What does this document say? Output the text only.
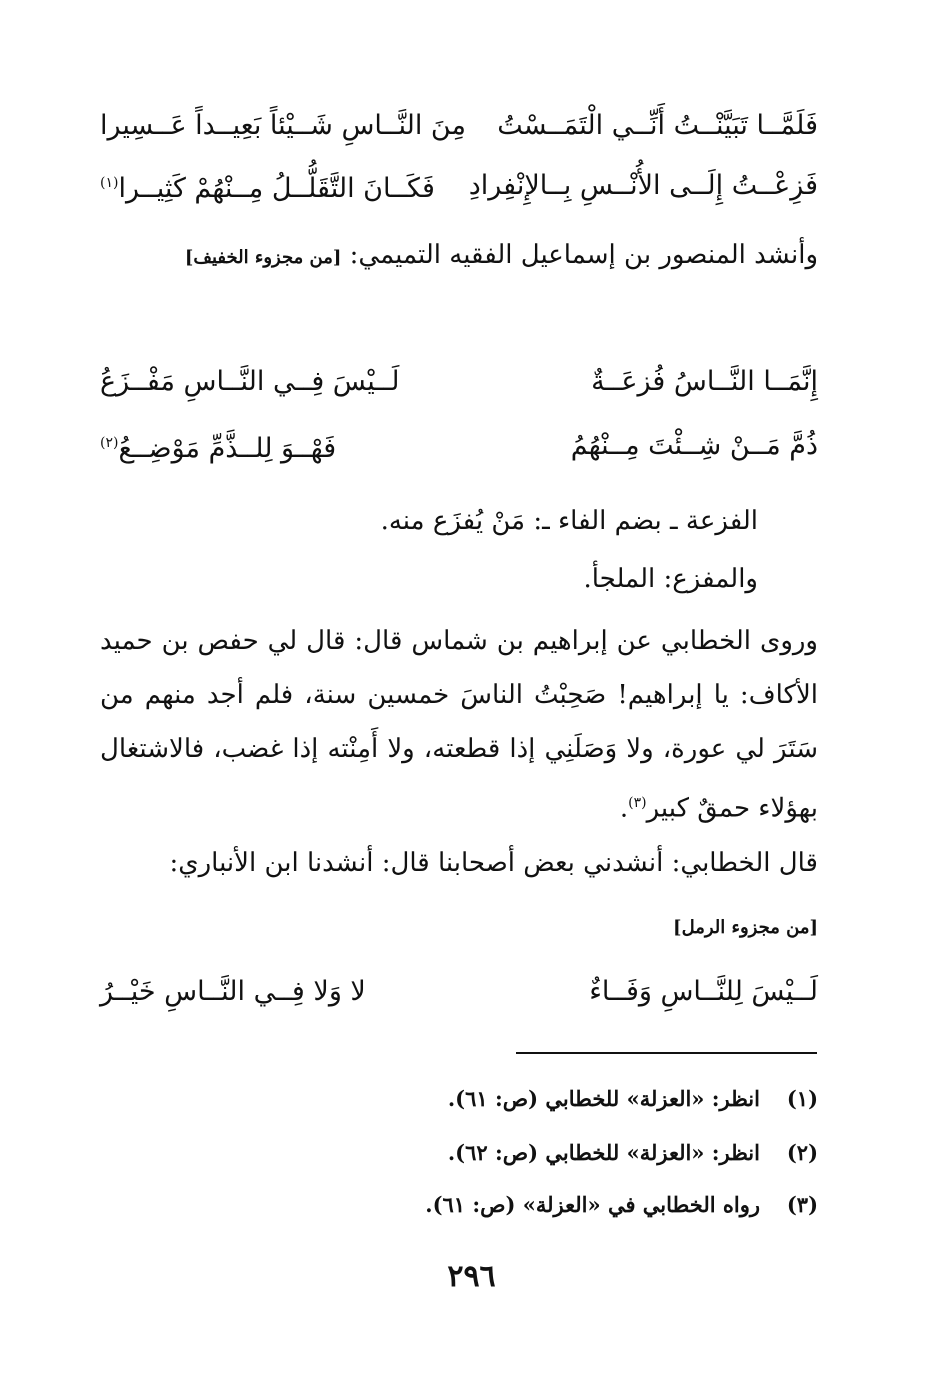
فَلَمَّــا تَبَيَّنْــتُ أَنِّــي الْتَمَــسْتُ
مِنَ النَّــاسِ شَــيْئاً بَعِيــداً عَــسِيرا
فَزِعْــتُ إِلَــى الأُنْــسِ بِــالإِنْفِرادِ
فَكَــانَ التَّقَلُّــلُ مِــنْهُمْ كَثِيــرا$^{(١)}$
وأنشد المنصور بن إسماعيل الفقيه التميمي: [من مجزوء الخفيف]
إِنَّمَــا النَّــاسُ فُزعَــةٌ
لَــيْسَ فِــي النَّــاسِ مَفْــزَعُ
ذُمَّ مَــنْ شِــئْتَ مِــنْهُمُ
فَهْــوَ لِلــذَّمِّ مَوْضِــعُ$^{(٢)}$
الفزعة ـ بضم الفاء ـ: مَنْ يُفزَع منه.
والمفزع: الملجأ.
وروى الخطابي عن إبراهيم بن شماس قال: قال لي حفص بن حميد الأكاف: يا إبراهيم! صَحِبْتُ الناسَ خمسين سنة، فلم أجد منهم من سَتَرَ لي عورة، ولا وَصَلَنِي إذا قطعته، ولا أَمِنْته إذا غضب، فالاشتغال بهؤلاء حمقٌ كبير$^{(٣)}$.
قال الخطابي: أنشدني بعض أصحابنا قال: أنشدنا ابن الأنباري:
[من مجزوء الرمل]
لَــيْسَ لِلنَّــاسِ وَفَــاءٌ
لا وَلا فِــي النَّــاسِ خَيْــرُ
(١)
انظر: «العزلة» للخطابي (ص: ٦١).
(٢)
انظر: «العزلة» للخطابي (ص: ٦٢).
(٣)
رواه الخطابي في «العزلة» (ص: ٦١).
٢٩٦
